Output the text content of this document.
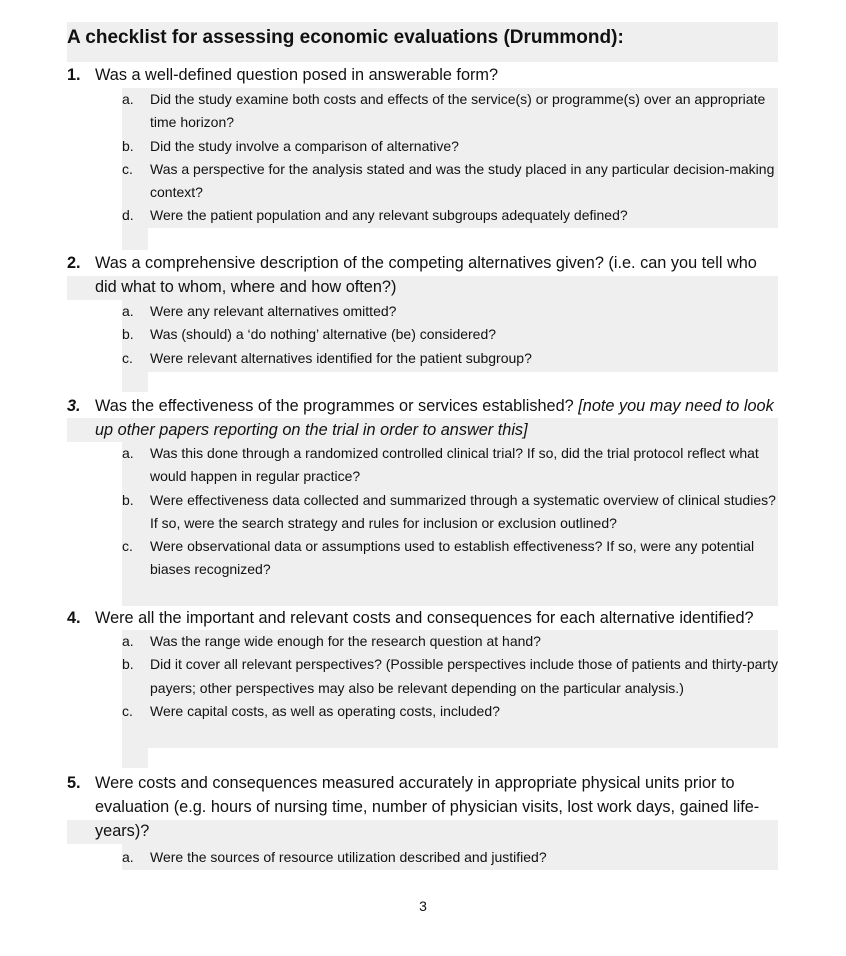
A checklist for assessing economic evaluations (Drummond):
1. Was a well-defined question posed in answerable form?
a. Did the study examine both costs and effects of the service(s) or programme(s) over an appropriate time horizon?
b. Did the study involve a comparison of alternative?
c. Was a perspective for the analysis stated and was the study placed in any particular decision-making context?
d. Were the patient population and any relevant subgroups adequately defined?
2. Was a comprehensive description of the competing alternatives given? (i.e. can you tell who did what to whom, where and how often?)
a. Were any relevant alternatives omitted?
b. Was (should) a ‘do nothing’ alternative (be) considered?
c. Were relevant alternatives identified for the patient subgroup?
3. Was the effectiveness of the programmes or services established? [note you may need to look up other papers reporting on the trial in order to answer this]
a. Was this done through a randomized controlled clinical trial? If so, did the trial protocol reflect what would happen in regular practice?
b. Were effectiveness data collected and summarized through a systematic overview of clinical studies? If so, were the search strategy and rules for inclusion or exclusion outlined?
c. Were observational data or assumptions used to establish effectiveness? If so, were any potential biases recognized?
4. Were all the important and relevant costs and consequences for each alternative identified?
a. Was the range wide enough for the research question at hand?
b. Did it cover all relevant perspectives? (Possible perspectives include those of patients and thirty-party payers; other perspectives may also be relevant depending on the particular analysis.)
c. Were capital costs, as well as operating costs, included?
5. Were costs and consequences measured accurately in appropriate physical units prior to evaluation (e.g. hours of nursing time, number of physician visits, lost work days, gained life-years)?
a. Were the sources of resource utilization described and justified?
3
